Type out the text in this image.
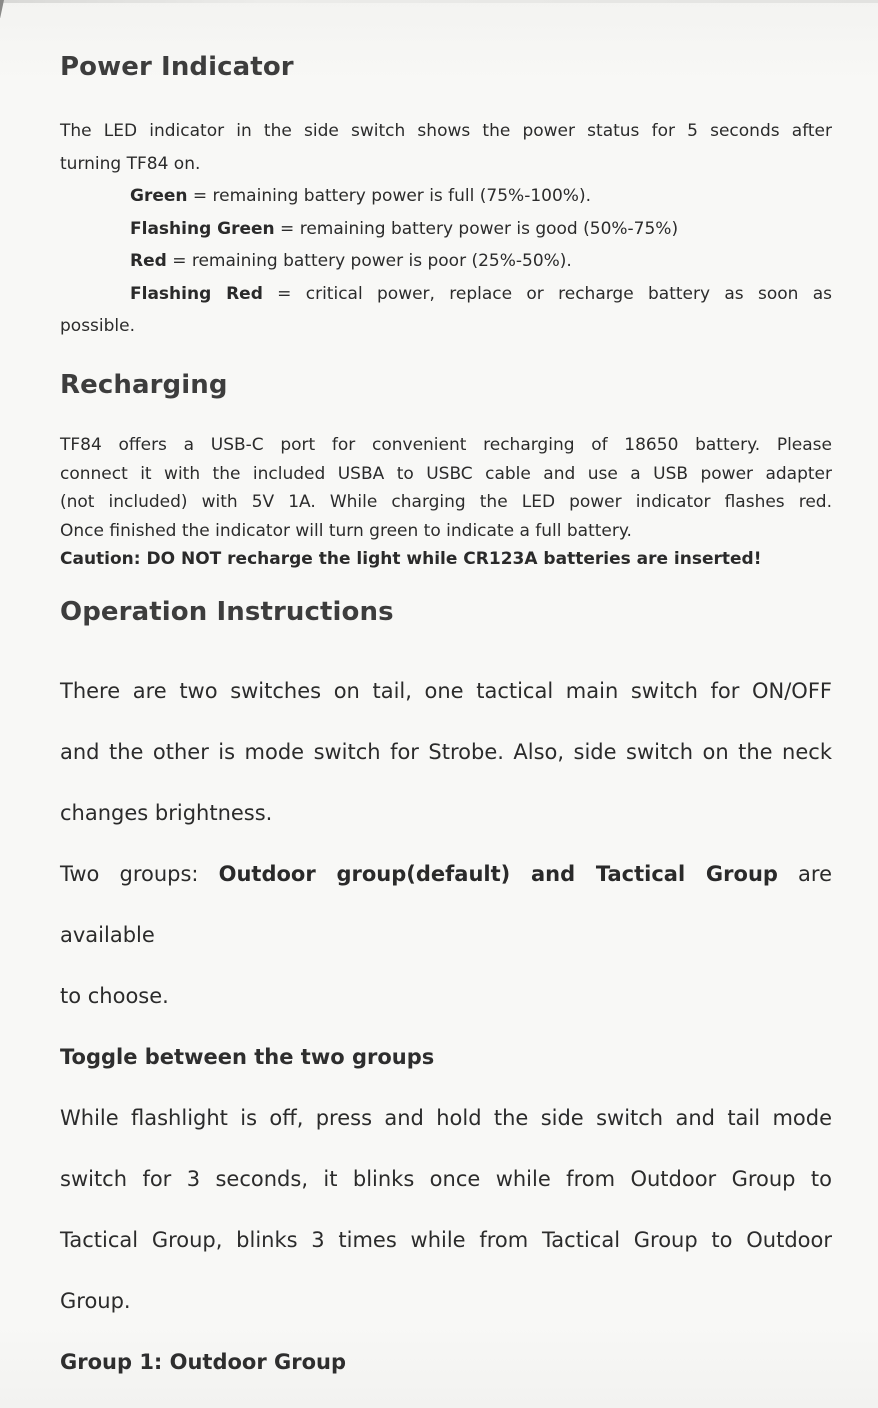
Power Indicator

The LED indicator in the side switch shows the power status for 5 seconds after

turning TF84 on.

Green = remaining battery power is full (75%-100%).

Flashing Green = remaining battery power is good (50%-75%)

Red = remaining battery power is poor (25%-50%).

Flashing Red = critical power, replace or recharge battery as soon as

possible.

Recharging

TF84 offers a USB-C port for convenient recharging of 18650 battery. Please

connect it with the included USBA to USBC cable and use a USB power adapter

(not included) with 5V 1A. While charging the LED power indicator flashes red.

Once finished the indicator will turn green to indicate a full battery.

Caution: DO NOT recharge the light while CR123A batteries are inserted!

Operation Instructions

There are two switches on tail, one tactical main switch for ON/OFF

and the other is mode switch for Strobe. Also, side switch on the neck

changes brightness.

Two groups: Outdoor group(default) and Tactical Group are available

to choose.

Toggle between the two groups

While flashlight is off, press and hold the side switch and tail mode

switch for 3 seconds, it blinks once while from Outdoor Group to

Tactical Group, blinks 3 times while from Tactical Group to Outdoor

Group.

Group 1: Outdoor Group
